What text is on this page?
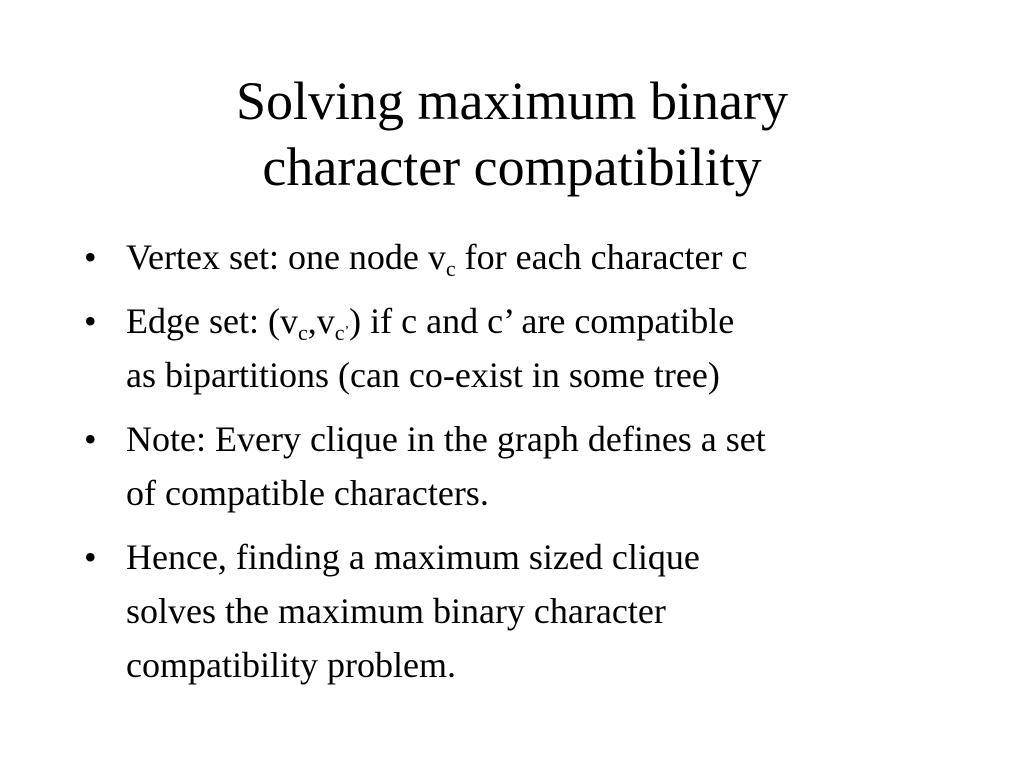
Solving maximum binary
character compatibility
• Vertex set: one node $v_c$ for each character c
• Edge set: $(v_c,v_{c^’})$ if c and c’ are compatible
as bipartitions (can co-exist in some tree)
• Note: Every clique in the graph defines a set
of compatible characters.
• Hence, finding a maximum sized clique
solves the maximum binary character
compatibility problem.
